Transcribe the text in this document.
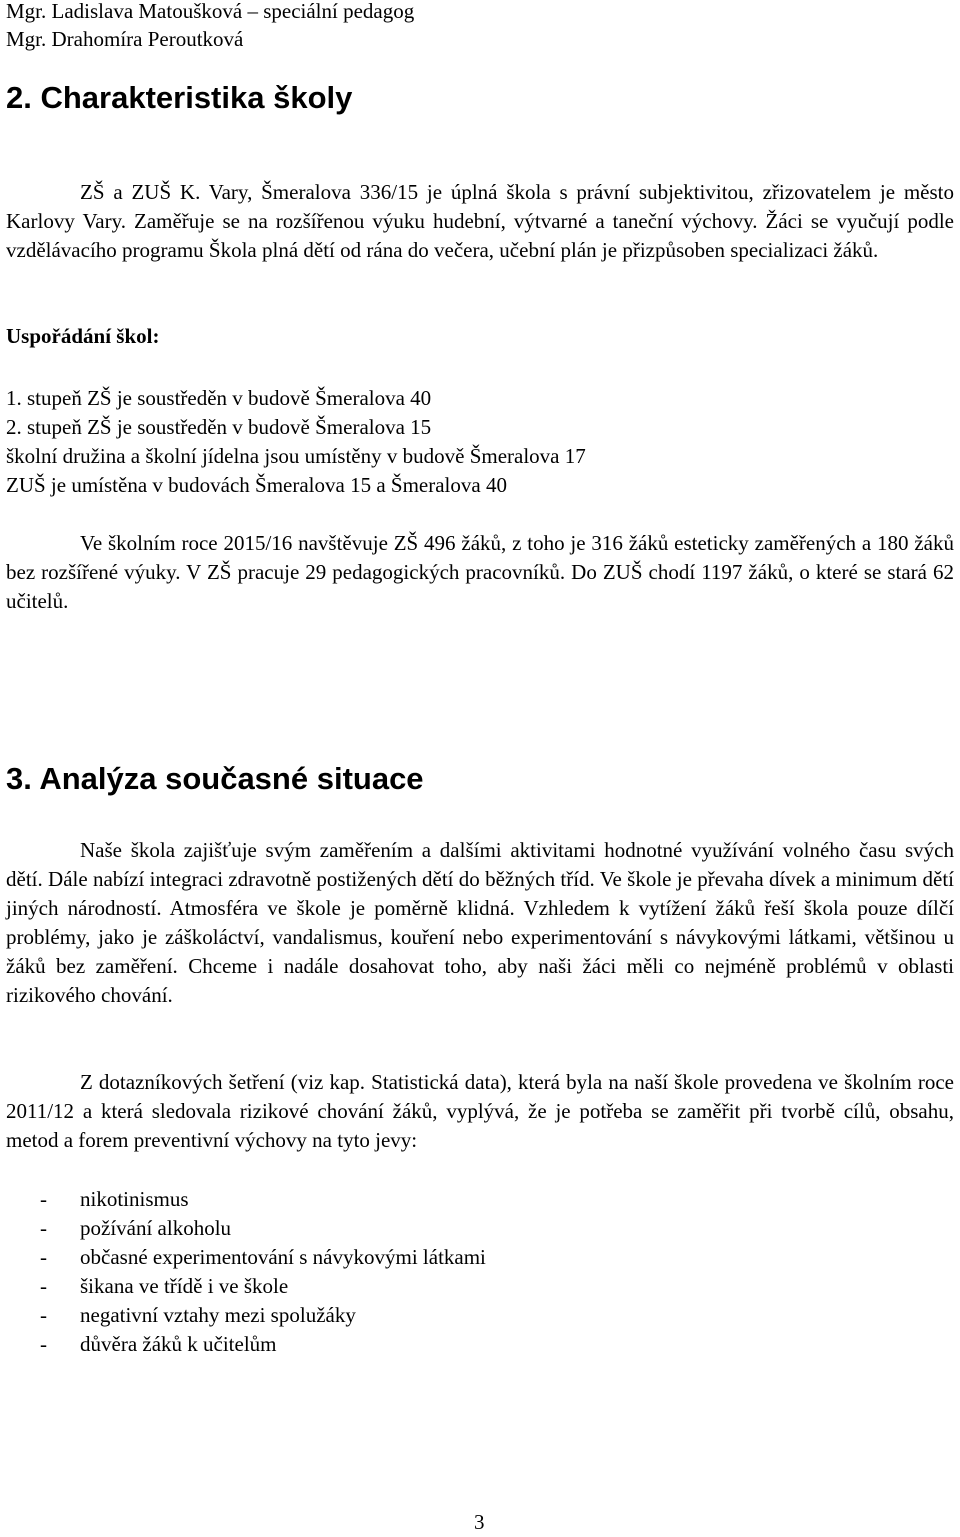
Mgr. Ladislava Matoušková – speciální pedagog

Mgr. Drahomíra Peroutková

2. Charakteristika školy

ZŠ a ZUŠ K. Vary, Šmeralova 336/15 je úplná škola s právní subjektivitou, zřizovatelem je město Karlovy Vary. Zaměřuje se na rozšířenou výuku hudební, výtvarné a taneční výchovy. Žáci se vyučují podle vzdělávacího programu Škola plná dětí od rána do večera, učební plán je přizpůsoben specializaci žáků.

Uspořádání škol:

1. stupeň ZŠ je soustředěn v budově Šmeralova 40
2. stupeň ZŠ je soustředěn v budově Šmeralova 15
školní družina a školní jídelna jsou umístěny v budově Šmeralova 17
ZUŠ je umístěna v budovách Šmeralova 15 a Šmeralova 40

Ve školním roce 2015/16 navštěvuje ZŠ 496 žáků, z toho je 316 žáků esteticky zaměřených a 180 žáků bez rozšířené výuky. V ZŠ pracuje 29 pedagogických pracovníků. Do ZUŠ chodí 1197 žáků, o které se stará 62 učitelů.

3. Analýza současné situace

Naše škola zajišťuje svým zaměřením a dalšími aktivitami hodnotné využívání volného času svých dětí. Dále nabízí integraci zdravotně postižených dětí do běžných tříd. Ve škole je převaha dívek a minimum dětí jiných národností. Atmosféra ve škole je poměrně klidná. Vzhledem k vytížení žáků řeší škola pouze dílčí problémy, jako je záškoláctví, vandalismus, kouření nebo experimentování s návykovými látkami, většinou u žáků bez zaměření. Chceme i nadále dosahovat toho, aby naši žáci měli co nejméně problémů v oblasti rizikového chování.

Z dotazníkových šetření (viz kap. Statistická data), která byla na naší škole provedena ve školním roce 2011/12 a která sledovala rizikové chování žáků, vyplývá, že je potřeba se zaměřit při tvorbě cílů, obsahu, metod a forem preventivní výchovy na tyto jevy:

- nikotinismus
- požívání alkoholu
- občasné experimentování s návykovými látkami
- šikana ve třídě i ve škole
- negativní vztahy mezi spolužáky
- důvěra žáků k učitelům

3
